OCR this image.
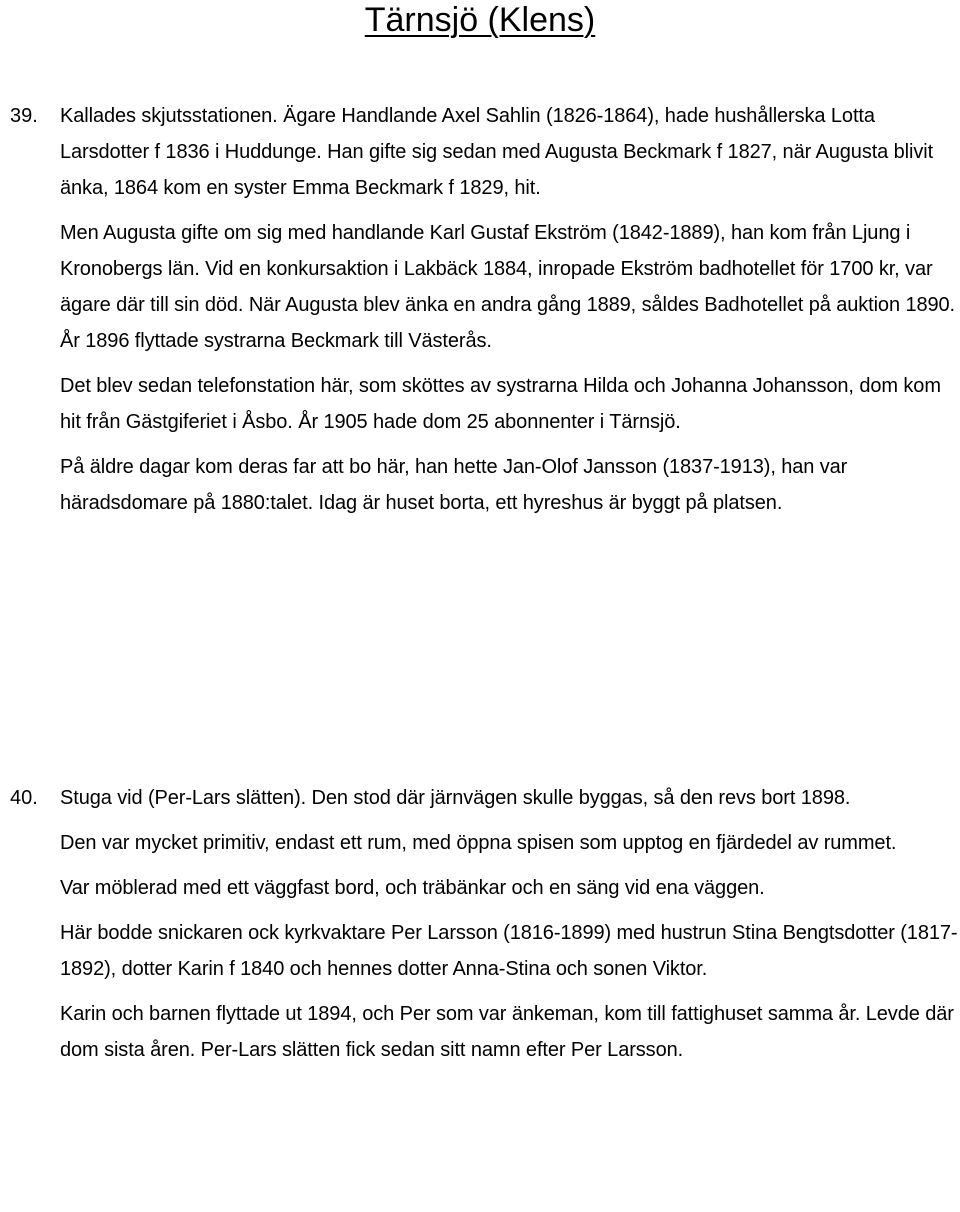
Tärnsjö (Klens)
39. Kallades skjutsstationen. Ägare Handlande Axel Sahlin (1826-1864), hade hushållerska Lotta Larsdotter f 1836 i Huddunge. Han gifte sig sedan med Augusta Beckmark f 1827, när Augusta blivit änka, 1864 kom en syster Emma Beckmark f 1829, hit.

Men Augusta gifte om sig med handlande Karl Gustaf Ekström (1842-1889), han kom från Ljung i Kronobergs län. Vid en konkursaktion i Lakbäck 1884, inropade Ekström badhotellet för 1700 kr, var ägare där till sin död. När Augusta blev änka en andra gång 1889, såldes Badhotellet på auktion 1890. År 1896 flyttade systrarna Beckmark till Västerås.

Det blev sedan telefonstation här, som sköttes av systrarna Hilda och Johanna Johansson, dom kom hit från Gästgiferiet i Åsbo. År 1905 hade dom 25 abonnenter i Tärnsjö.

På äldre dagar kom deras far att bo här, han hette Jan-Olof Jansson (1837-1913), han var häradsdomare på 1880:talet. Idag är huset borta, ett hyreshus är byggt på platsen.

40. Stuga vid (Per-Lars slätten). Den stod där järnvägen skulle byggas, så den revs bort 1898.

Den var mycket primitiv, endast ett rum, med öppna spisen som upptog en fjärdedel av rummet.

Var möblerad med ett väggfast bord, och träbänkar och en säng vid ena väggen.

Här bodde snickaren ock kyrkvaktare Per Larsson (1816-1899) med hustrun Stina Bengtsdotter (1817-1892), dotter Karin f 1840 och hennes dotter Anna-Stina och sonen Viktor.

Karin och barnen flyttade ut 1894, och Per som var änkeman, kom till fattighuset samma år. Levde där dom sista åren. Per-Lars slätten fick sedan sitt namn efter Per Larsson.
